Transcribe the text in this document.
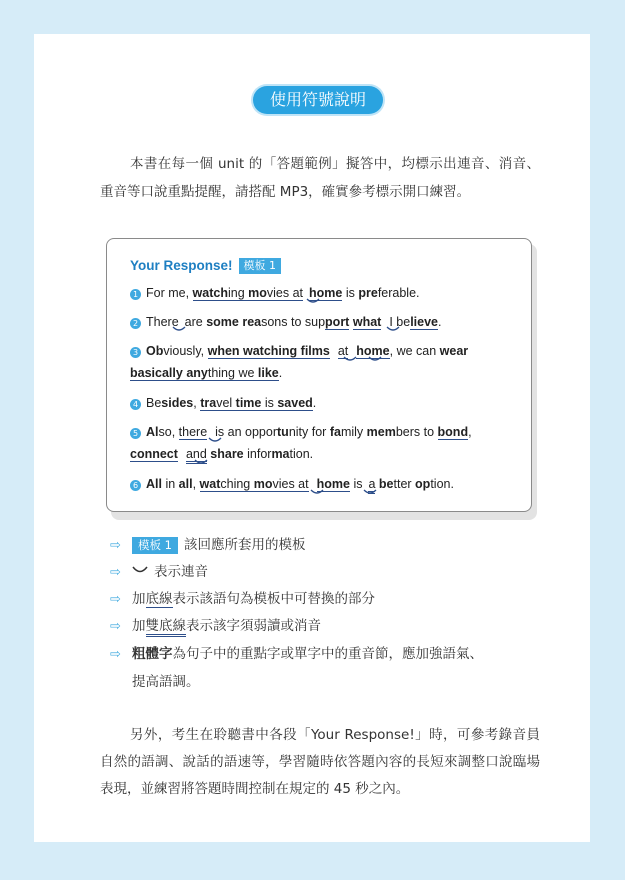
使用符號說明

本書在每一個 unit 的「答題範例」擬答中，均標示出連音、消音、重音等口說重點提醒，請搭配 MP3，確實參考標示開口練習。

Your Response! 模板 1
1 For me, watching movies at home is preferable.
2 There are some reasons to support what I believe.
3 Obviously, when watching films at home, we can wear
basically anything we like.
4 Besides, travel time is saved.
5 Also, there is an opportunity for family members to bond,
connect and share information.
6 All in all, watching movies at home is a better option.
⇨ 模板 1 該回應所套用的模板
⇨ 表示連音
⇨ 加底線表示該語句為模板中可替換的部分
⇨ 加雙底線表示該字須弱讀或消音
⇨ 粗體字為句子中的重點字或單字中的重音節，應加強語氣、
提高語調。

另外，考生在聆聽書中各段「Your Response!」時，可參考錄音員自然的語調、說話的語速等，學習隨時依答題內容的長短來調整口說臨場表現，並練習將答題時間控制在規定的 45 秒之內。
